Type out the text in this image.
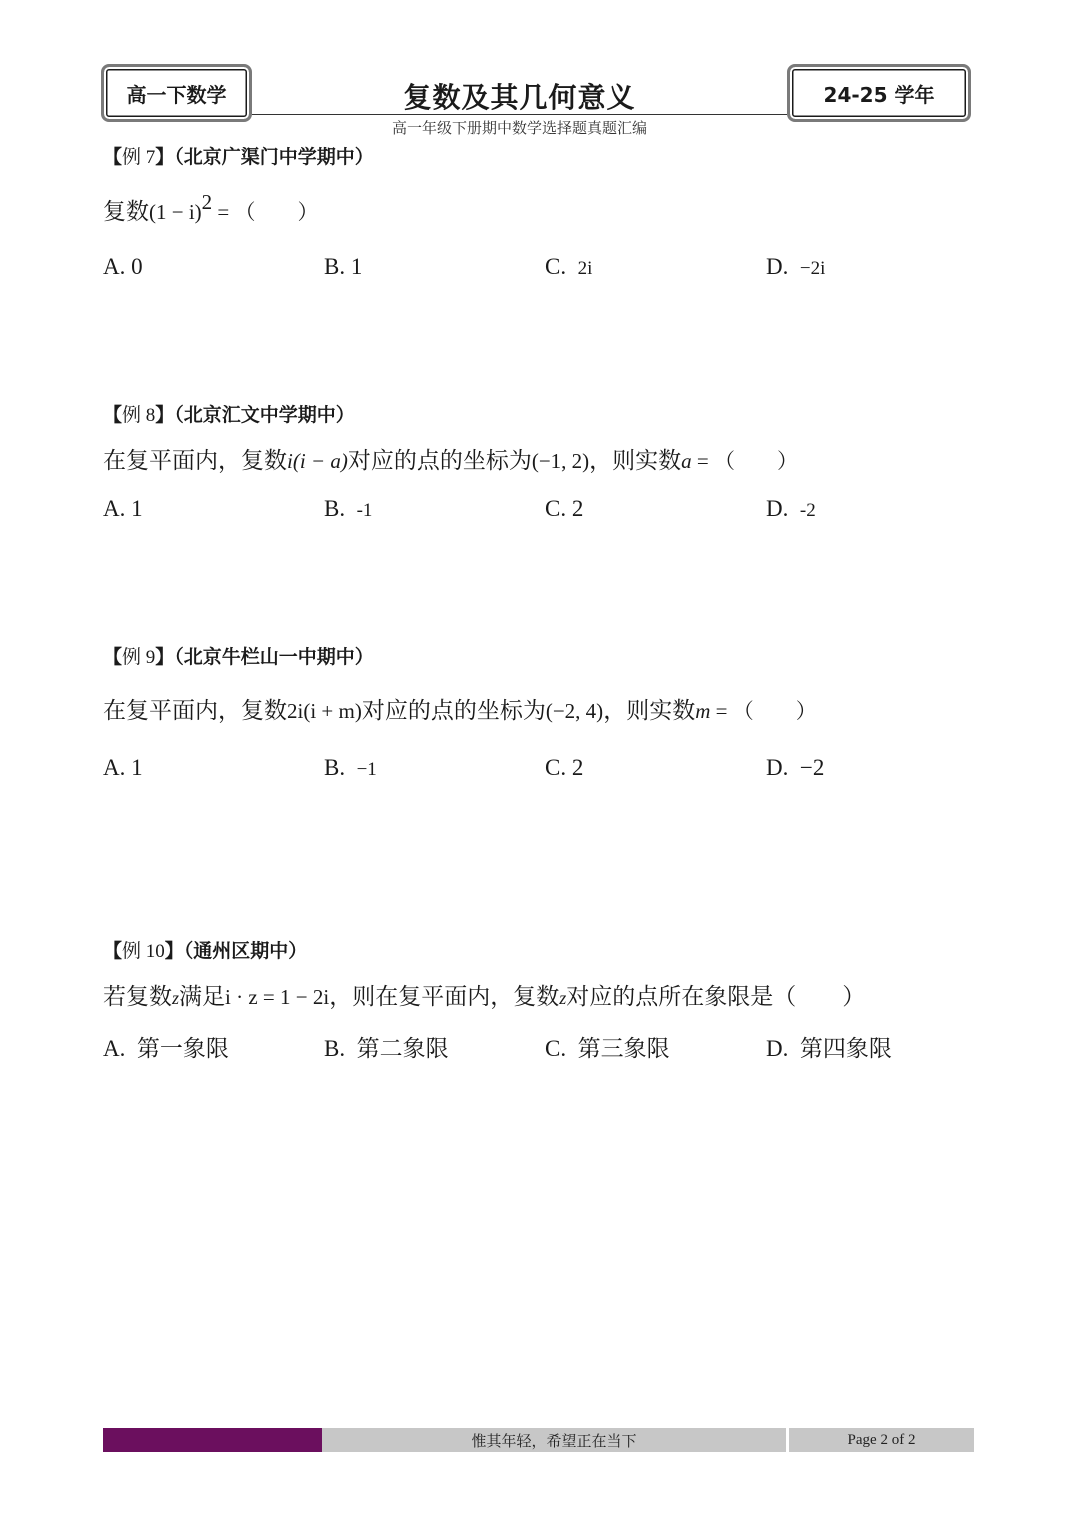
高一下数学	复数及其几何意义
高一年级下册期中数学选择题真题汇编
24-25 学年
【例 7】（北京广渠门中学期中）
复数$(1 - i)^2$ = （　　）
A. 0	B. 1	C. 2i	D. −2i
【例 8】（北京汇文中学期中）
在复平面内，复数i(i − a)对应的点的坐标为(−1, 2)，则实数a = （　　）
A. 1	B. -1	C. 2	D. -2
【例 9】（北京牛栏山一中期中）
在复平面内，复数2i(i + m)对应的点的坐标为(−2, 4)，则实数m = （　　）
A. 1	B. −1	C. 2	D. −2
【例 10】（通州区期中）
若复数z满足i · z = 1 − 2i，则在复平面内，复数z对应的点所在象限是（　　）
A. 第一象限	B. 第二象限	C. 第三象限	D. 第四象限
惟其年轻，希望正在当下	Page 2 of 2
